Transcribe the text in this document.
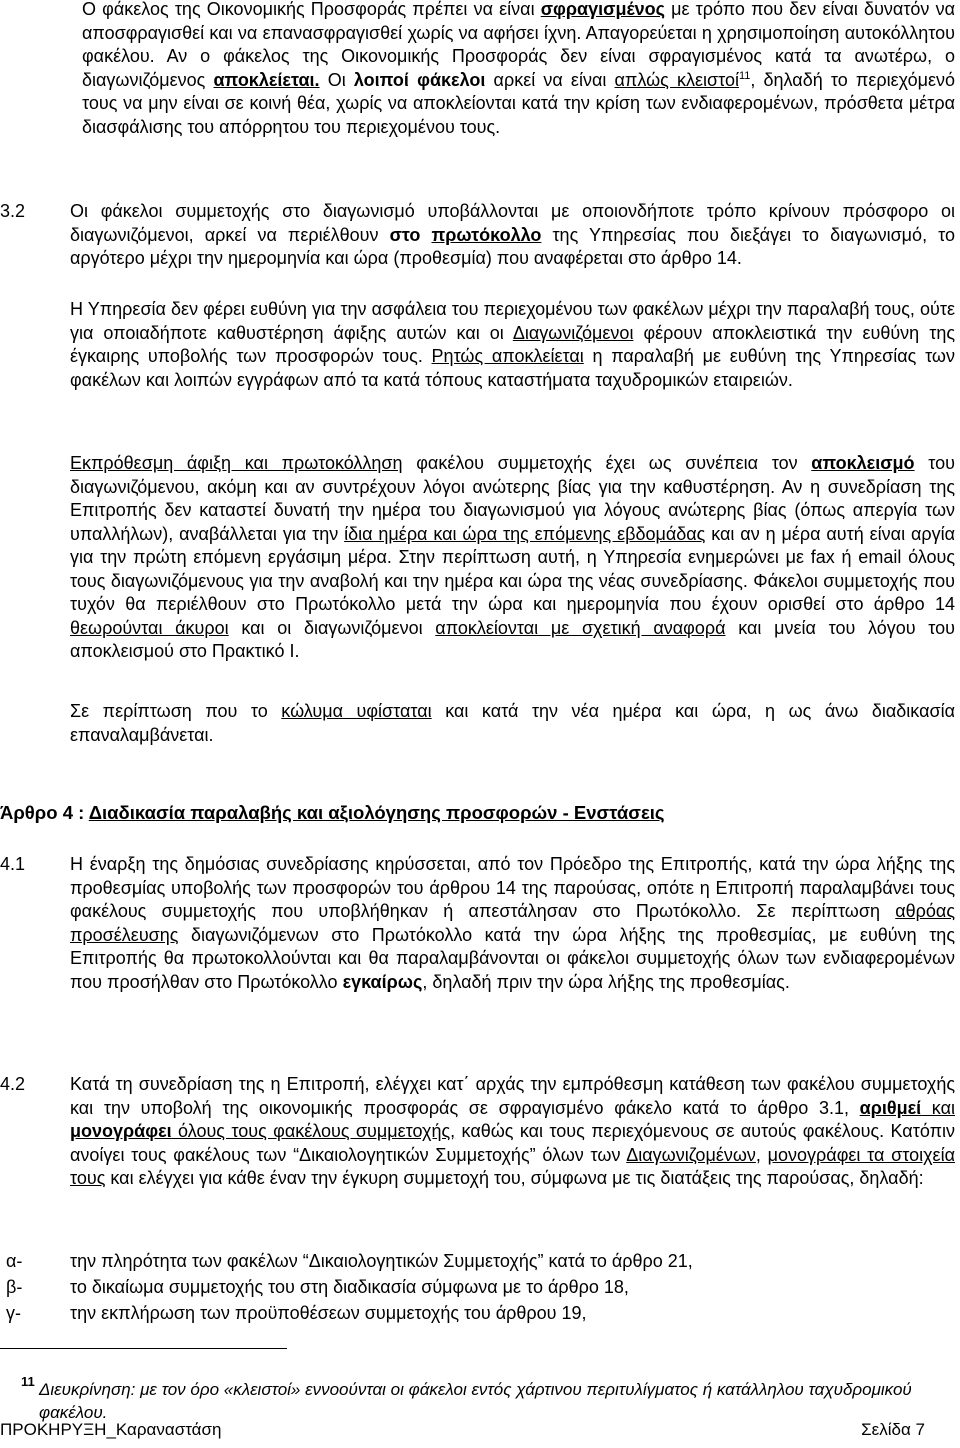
Ο φάκελος της Οικονομικής Προσφοράς πρέπει να είναι σφραγισμένος με τρόπο που δεν είναι δυνατόν να αποσφραγισθεί και να επανασφραγισθεί χωρίς να αφήσει ίχνη. Απαγορεύεται η χρησιμοποίηση αυτοκόλλητου φακέλου. Αν ο φάκελος της Οικονομικής Προσφοράς δεν είναι σφραγισμένος κατά τα ανωτέρω, ο διαγωνιζόμενος αποκλείεται. Οι λοιποί φάκελοι αρκεί να είναι απλώς κλειστοί$^{11}$, δηλαδή το περιεχόμενό τους να μην είναι σε κοινή θέα, χωρίς να αποκλείονται κατά την κρίση των ενδιαφερομένων, πρόσθετα μέτρα διασφάλισης του απόρρητου του περιεχομένου τους.

3.2 Οι φάκελοι συμμετοχής στο διαγωνισμό υποβάλλονται με οποιονδήποτε τρόπο κρίνουν πρόσφορο οι διαγωνιζόμενοι, αρκεί να περιέλθουν στο πρωτόκολλο της Υπηρεσίας που διεξάγει το διαγωνισμό, το αργότερο μέχρι την ημερομηνία και ώρα (προθεσμία) που αναφέρεται στο άρθρο 14.

Η Υπηρεσία δεν φέρει ευθύνη για την ασφάλεια του περιεχομένου των φακέλων μέχρι την παραλαβή τους, ούτε για οποιαδήποτε καθυστέρηση άφιξης αυτών και οι Διαγωνιζόμενοι φέρουν αποκλειστικά την ευθύνη της έγκαιρης υποβολής των προσφορών τους. Ρητώς αποκλείεται η παραλαβή με ευθύνη της Υπηρεσίας των φακέλων και λοιπών εγγράφων από τα κατά τόπους καταστήματα ταχυδρομικών εταιρειών.

Εκπρόθεσμη άφιξη και πρωτοκόλληση φακέλου συμμετοχής έχει ως συνέπεια τον αποκλεισμό του διαγωνιζόμενου, ακόμη και αν συντρέχουν λόγοι ανώτερης βίας για την καθυστέρηση. Αν η συνεδρίαση της Επιτροπής δεν καταστεί δυνατή την ημέρα του διαγωνισμού για λόγους ανώτερης βίας (όπως απεργία των υπαλλήλων), αναβάλλεται για την ίδια ημέρα και ώρα της επόμενης εβδομάδας και αν η μέρα αυτή είναι αργία για την πρώτη επόμενη εργάσιμη μέρα. Στην περίπτωση αυτή, η Υπηρεσία ενημερώνει με fax ή email όλους τους διαγωνιζόμενους για την αναβολή και την ημέρα και ώρα της νέας συνεδρίασης. Φάκελοι συμμετοχής που τυχόν θα περιέλθουν στο Πρωτόκολλο μετά την ώρα και ημερομηνία που έχουν ορισθεί στο άρθρο 14 θεωρούνται άκυροι και οι διαγωνιζόμενοι αποκλείονται με σχετική αναφορά και μνεία του λόγου του αποκλεισμού στο Πρακτικό Ι.

Σε περίπτωση που το κώλυμα υφίσταται και κατά την νέα ημέρα και ώρα, η ως άνω διαδικασία επαναλαμβάνεται.

Άρθρο 4 : Διαδικασία παραλαβής και αξιολόγησης προσφορών - Ενστάσεις
4.1 Η έναρξη της δημόσιας συνεδρίασης κηρύσσεται, από τον Πρόεδρο της Επιτροπής, κατά την ώρα λήξης της προθεσμίας υποβολής των προσφορών του άρθρου 14 της παρούσας, οπότε η Επιτροπή παραλαμβάνει τους φακέλους συμμετοχής που υποβλήθηκαν ή απεστάλησαν στο Πρωτόκολλο. Σε περίπτωση αθρόας προσέλευσης διαγωνιζόμενων στο Πρωτόκολλο κατά την ώρα λήξης της προθεσμίας, με ευθύνη της Επιτροπής θα πρωτοκολλούνται και θα παραλαμβάνονται οι φάκελοι συμμετοχής όλων των ενδιαφερομένων που προσήλθαν στο Πρωτόκολλο εγκαίρως, δηλαδή πριν την ώρα λήξης της προθεσμίας.

4.2 Κατά τη συνεδρίαση της η Επιτροπή, ελέγχει κατ΄ αρχάς την εμπρόθεσμη κατάθεση των φακέλου συμμετοχής και την υποβολή της οικονομικής προσφοράς σε σφραγισμένο φάκελο κατά το άρθρο 3.1, αριθμεί και μονογράφει όλους τους φακέλους συμμετοχής, καθώς και τους περιεχόμενους σε αυτούς φακέλους. Κατόπιν ανοίγει τους φακέλους των “Δικαιολογητικών Συμμετοχής” όλων των Διαγωνιζομένων, μονογράφει τα στοιχεία τους και ελέγχει για κάθε έναν την έγκυρη συμμετοχή του, σύμφωνα με τις διατάξεις της παρούσας, δηλαδή:

α-	την πληρότητα των φακέλων “Δικαιολογητικών Συμμετοχής” κατά το άρθρο 21,
β-	το δικαίωμα συμμετοχής του στη διαδικασία σύμφωνα με το άρθρο 18,
γ-	την εκπλήρωση των προϋποθέσεων συμμετοχής του άρθρου 19,
11 Διευκρίνηση: με τον όρο «κλειστοί» εννοούνται οι φάκελοι εντός χάρτινου περιτυλίγματος ή κατάλληλου ταχυδρομικού φακέλου.
ΠΡΟΚΗΡΥΞΗ_Καραναστάση	Σελίδα 7
